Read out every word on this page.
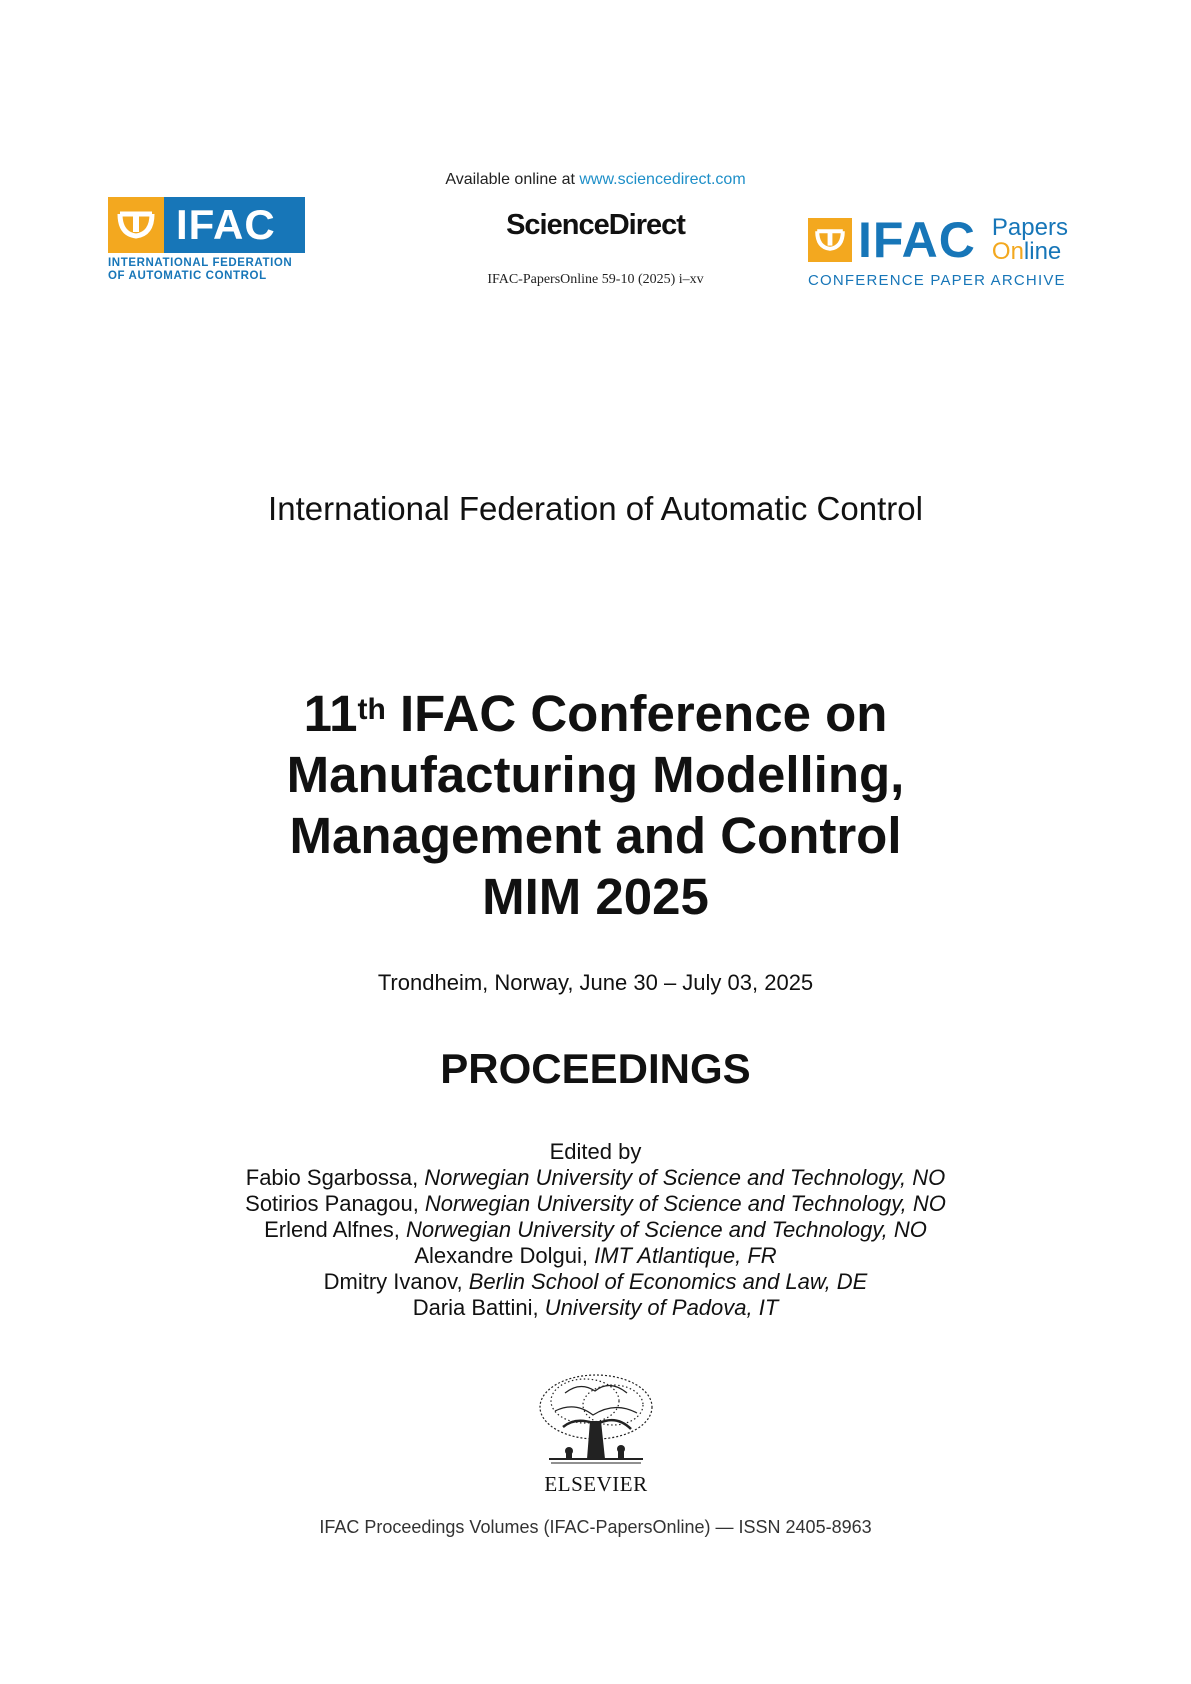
Available online at www.sciencedirect.com
ScienceDirect
IFAC-PapersOnline 59-10 (2025) i–xv
IFAC
INTERNATIONAL FEDERATION
OF AUTOMATIC CONTROL
IFAC Papers
Online
CONFERENCE PAPER ARCHIVE
International Federation of Automatic Control
11th IFAC Conference on
Manufacturing Modelling,
Management and Control
MIM 2025
Trondheim, Norway, June 30 – July 03, 2025
PROCEEDINGS
Edited by
Fabio Sgarbossa, Norwegian University of Science and Technology, NO
Sotirios Panagou, Norwegian University of Science and Technology, NO
Erlend Alfnes, Norwegian University of Science and Technology, NO
Alexandre Dolgui, IMT Atlantique, FR
Dmitry Ivanov, Berlin School of Economics and Law, DE
Daria Battini, University of Padova, IT
ELSEVIER
IFAC Proceedings Volumes (IFAC-PapersOnline) — ISSN 2405-8963
